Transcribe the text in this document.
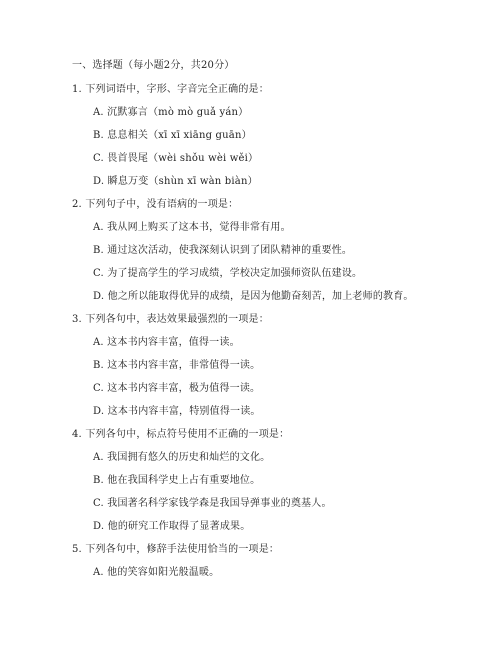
一、选择题（每小题2分，共20分）
1. 下列词语中，字形、字音完全正确的是：
A. 沉默寡言（mò mò guǎ yán）
B. 息息相关（xī xī xiāng guān）
C. 畏首畏尾（wèi shǒu wèi wěi）
D. 瞬息万变（shùn xī wàn biàn）
2. 下列句子中，没有语病的一项是：
A. 我从网上购买了这本书，觉得非常有用。
B. 通过这次活动，使我深刻认识到了团队精神的重要性。
C. 为了提高学生的学习成绩，学校决定加强师资队伍建设。
D. 他之所以能取得优异的成绩，是因为他勤奋刻苦，加上老师的教育。
3. 下列各句中，表达效果最强烈的一项是：
A. 这本书内容丰富，值得一读。
B. 这本书内容丰富，非常值得一读。
C. 这本书内容丰富，极为值得一读。
D. 这本书内容丰富，特别值得一读。
4. 下列各句中，标点符号使用不正确的一项是：
A. 我国拥有悠久的历史和灿烂的文化。
B. 他在我国科学史上占有重要地位。
C. 我国著名科学家钱学森是我国导弹事业的奠基人。
D. 他的研究工作取得了显著成果。
5. 下列各句中，修辞手法使用恰当的一项是：
A. 他的笑容如阳光般温暖。
